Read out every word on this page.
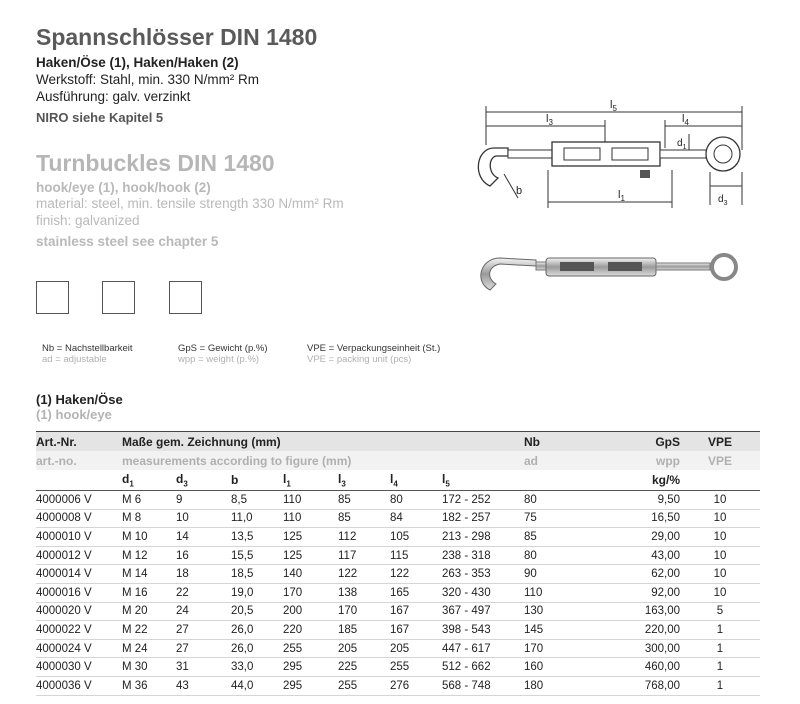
Spannschlösser DIN 1480
Haken/Öse (1), Haken/Haken (2)
Werkstoff: Stahl, min. 330 N/mm² Rm
Ausführung: galv. verzinkt
NIRO siehe Kapitel 5
Turnbuckles DIN 1480
hook/eye (1), hook/hook (2)
material: steel, min. tensile strength 330 N/mm² Rm
finish: galvanized
stainless steel see chapter 5
Nb = Nachstellbarkeit
ad = adjustable
GpS = Gewicht (p.%)
wpp = weight (p.%)
VPE = Verpackungseinheit (St.)
VPE = packing unit (pcs)
$l_5$
$l_3$	$l_4$
$l_1$
$d_1$
$d_3$
b
(1) Haken/Öse
(1) hook/eye
Art.-Nr.	Maße gem. Zeichnung (mm)							Nb	GpS	VPE
art.-no.	measurements according to figure (mm)							ad	wpp	VPE
	$d_1$	$d_3$	b	$l_1$	$l_3$	$l_4$	$l_5$		kg/%	
4000006 V	M 6	9	8,5	110	85	80	172 - 252	80	9,50	10
4000008 V	M 8	10	11,0	110	85	84	182 - 257	75	16,50	10
4000010 V	M 10	14	13,5	125	112	105	213 - 298	85	29,00	10
4000012 V	M 12	16	15,5	125	117	115	238 - 318	80	43,00	10
4000014 V	M 14	18	18,5	140	122	122	263 - 353	90	62,00	10
4000016 V	M 16	22	19,0	170	138	165	320 - 430	110	92,00	10
4000020 V	M 20	24	20,5	200	170	167	367 - 497	130	163,00	5
4000022 V	M 22	27	26,0	220	185	167	398 - 543	145	220,00	1
4000024 V	M 24	27	26,0	255	205	205	447 - 617	170	300,00	1
4000030 V	M 30	31	33,0	295	225	255	512 - 662	160	460,00	1
4000036 V	M 36	43	44,0	295	255	276	568 - 748	180	768,00	1
